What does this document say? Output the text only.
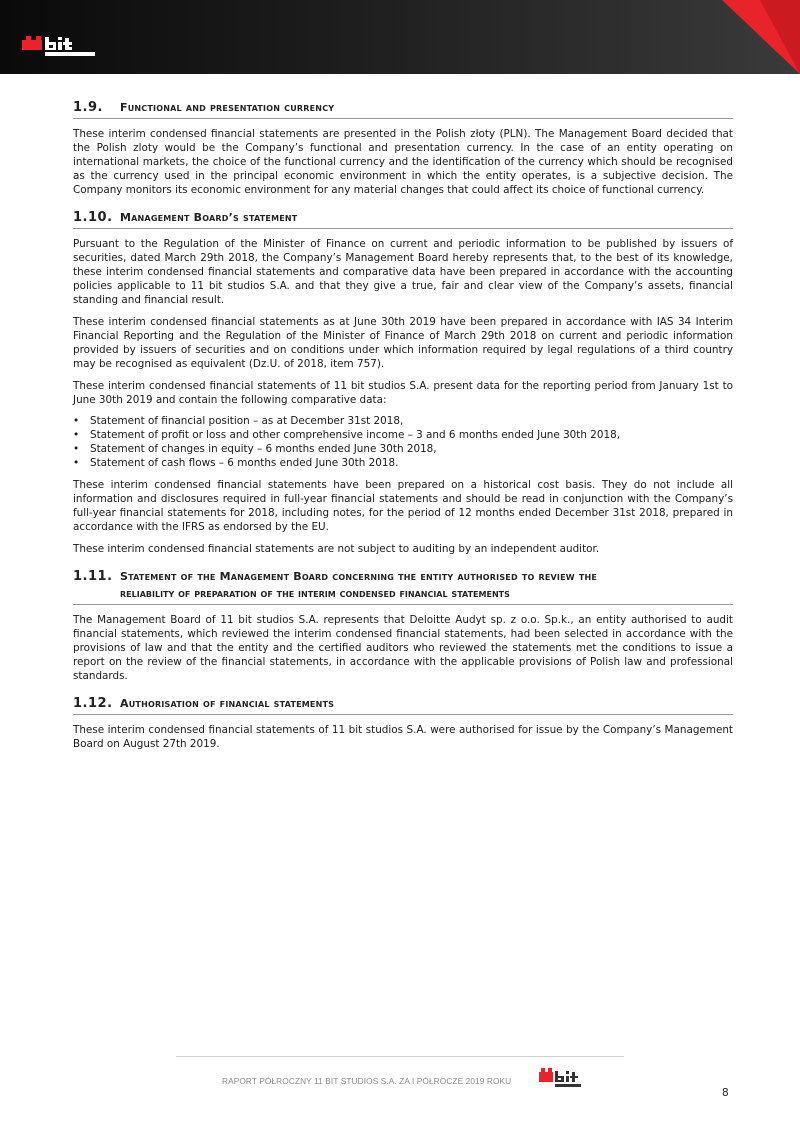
1.9. Functional and presentation currency

These interim condensed financial statements are presented in the Polish złoty (PLN). The Management Board decided that the Polish zloty would be the Company’s functional and presentation currency. In the case of an entity operating on international markets, the choice of the functional currency and the identification of the currency which should be recognised as the currency used in the principal economic environment in which the entity operates, is a subjective decision. The Company monitors its economic environment for any material changes that could affect its choice of functional currency.

1.10. Management Board’s statement

Pursuant to the Regulation of the Minister of Finance on current and periodic information to be published by issuers of securities, dated March 29th 2018, the Company’s Management Board hereby represents that, to the best of its knowledge, these interim condensed financial statements and comparative data have been prepared in accordance with the accounting policies applicable to 11 bit studios S.A. and that they give a true, fair and clear view of the Company’s assets, financial standing and financial result.

These interim condensed financial statements as at June 30th 2019 have been prepared in accordance with IAS 34 Interim Financial Reporting and the Regulation of the Minister of Finance of March 29th 2018 on current and periodic information provided by issuers of securities and on conditions under which information required by legal regulations of a third country may be recognised as equivalent (Dz.U. of 2018, item 757).

These interim condensed financial statements of 11 bit studios S.A. present data for the reporting period from January 1st to June 30th 2019 and contain the following comparative data:

• Statement of financial position – as at December 31st 2018,
• Statement of profit or loss and other comprehensive income – 3 and 6 months ended June 30th 2018,
• Statement of changes in equity – 6 months ended June 30th 2018,
• Statement of cash flows – 6 months ended June 30th 2018.

These interim condensed financial statements have been prepared on a historical cost basis. They do not include all information and disclosures required in full-year financial statements and should be read in conjunction with the Company’s full-year financial statements for 2018, including notes, for the period of 12 months ended December 31st 2018, prepared in accordance with the IFRS as endorsed by the EU.

These interim condensed financial statements are not subject to auditing by an independent auditor.

1.11. Statement of the Management Board concerning the entity authorised to review the
reliability of preparation of the interim condensed financial statements

The Management Board of 11 bit studios S.A. represents that Deloitte Audyt sp. z o.o. Sp.k., an entity authorised to audit financial statements, which reviewed the interim condensed financial statements, had been selected in accordance with the provisions of law and that the entity and the certified auditors who reviewed the statements met the conditions to issue a report on the review of the financial statements, in accordance with the applicable provisions of Polish law and professional standards.

1.12. Authorisation of financial statements

These interim condensed financial statements of 11 bit studios S.A. were authorised for issue by the Company’s Management Board on August 27th 2019.

RAPORT PÓŁROCZNY 11 BIT STUDIOS S.A. ZA I PÓŁROCZE 2019 ROKU
8
